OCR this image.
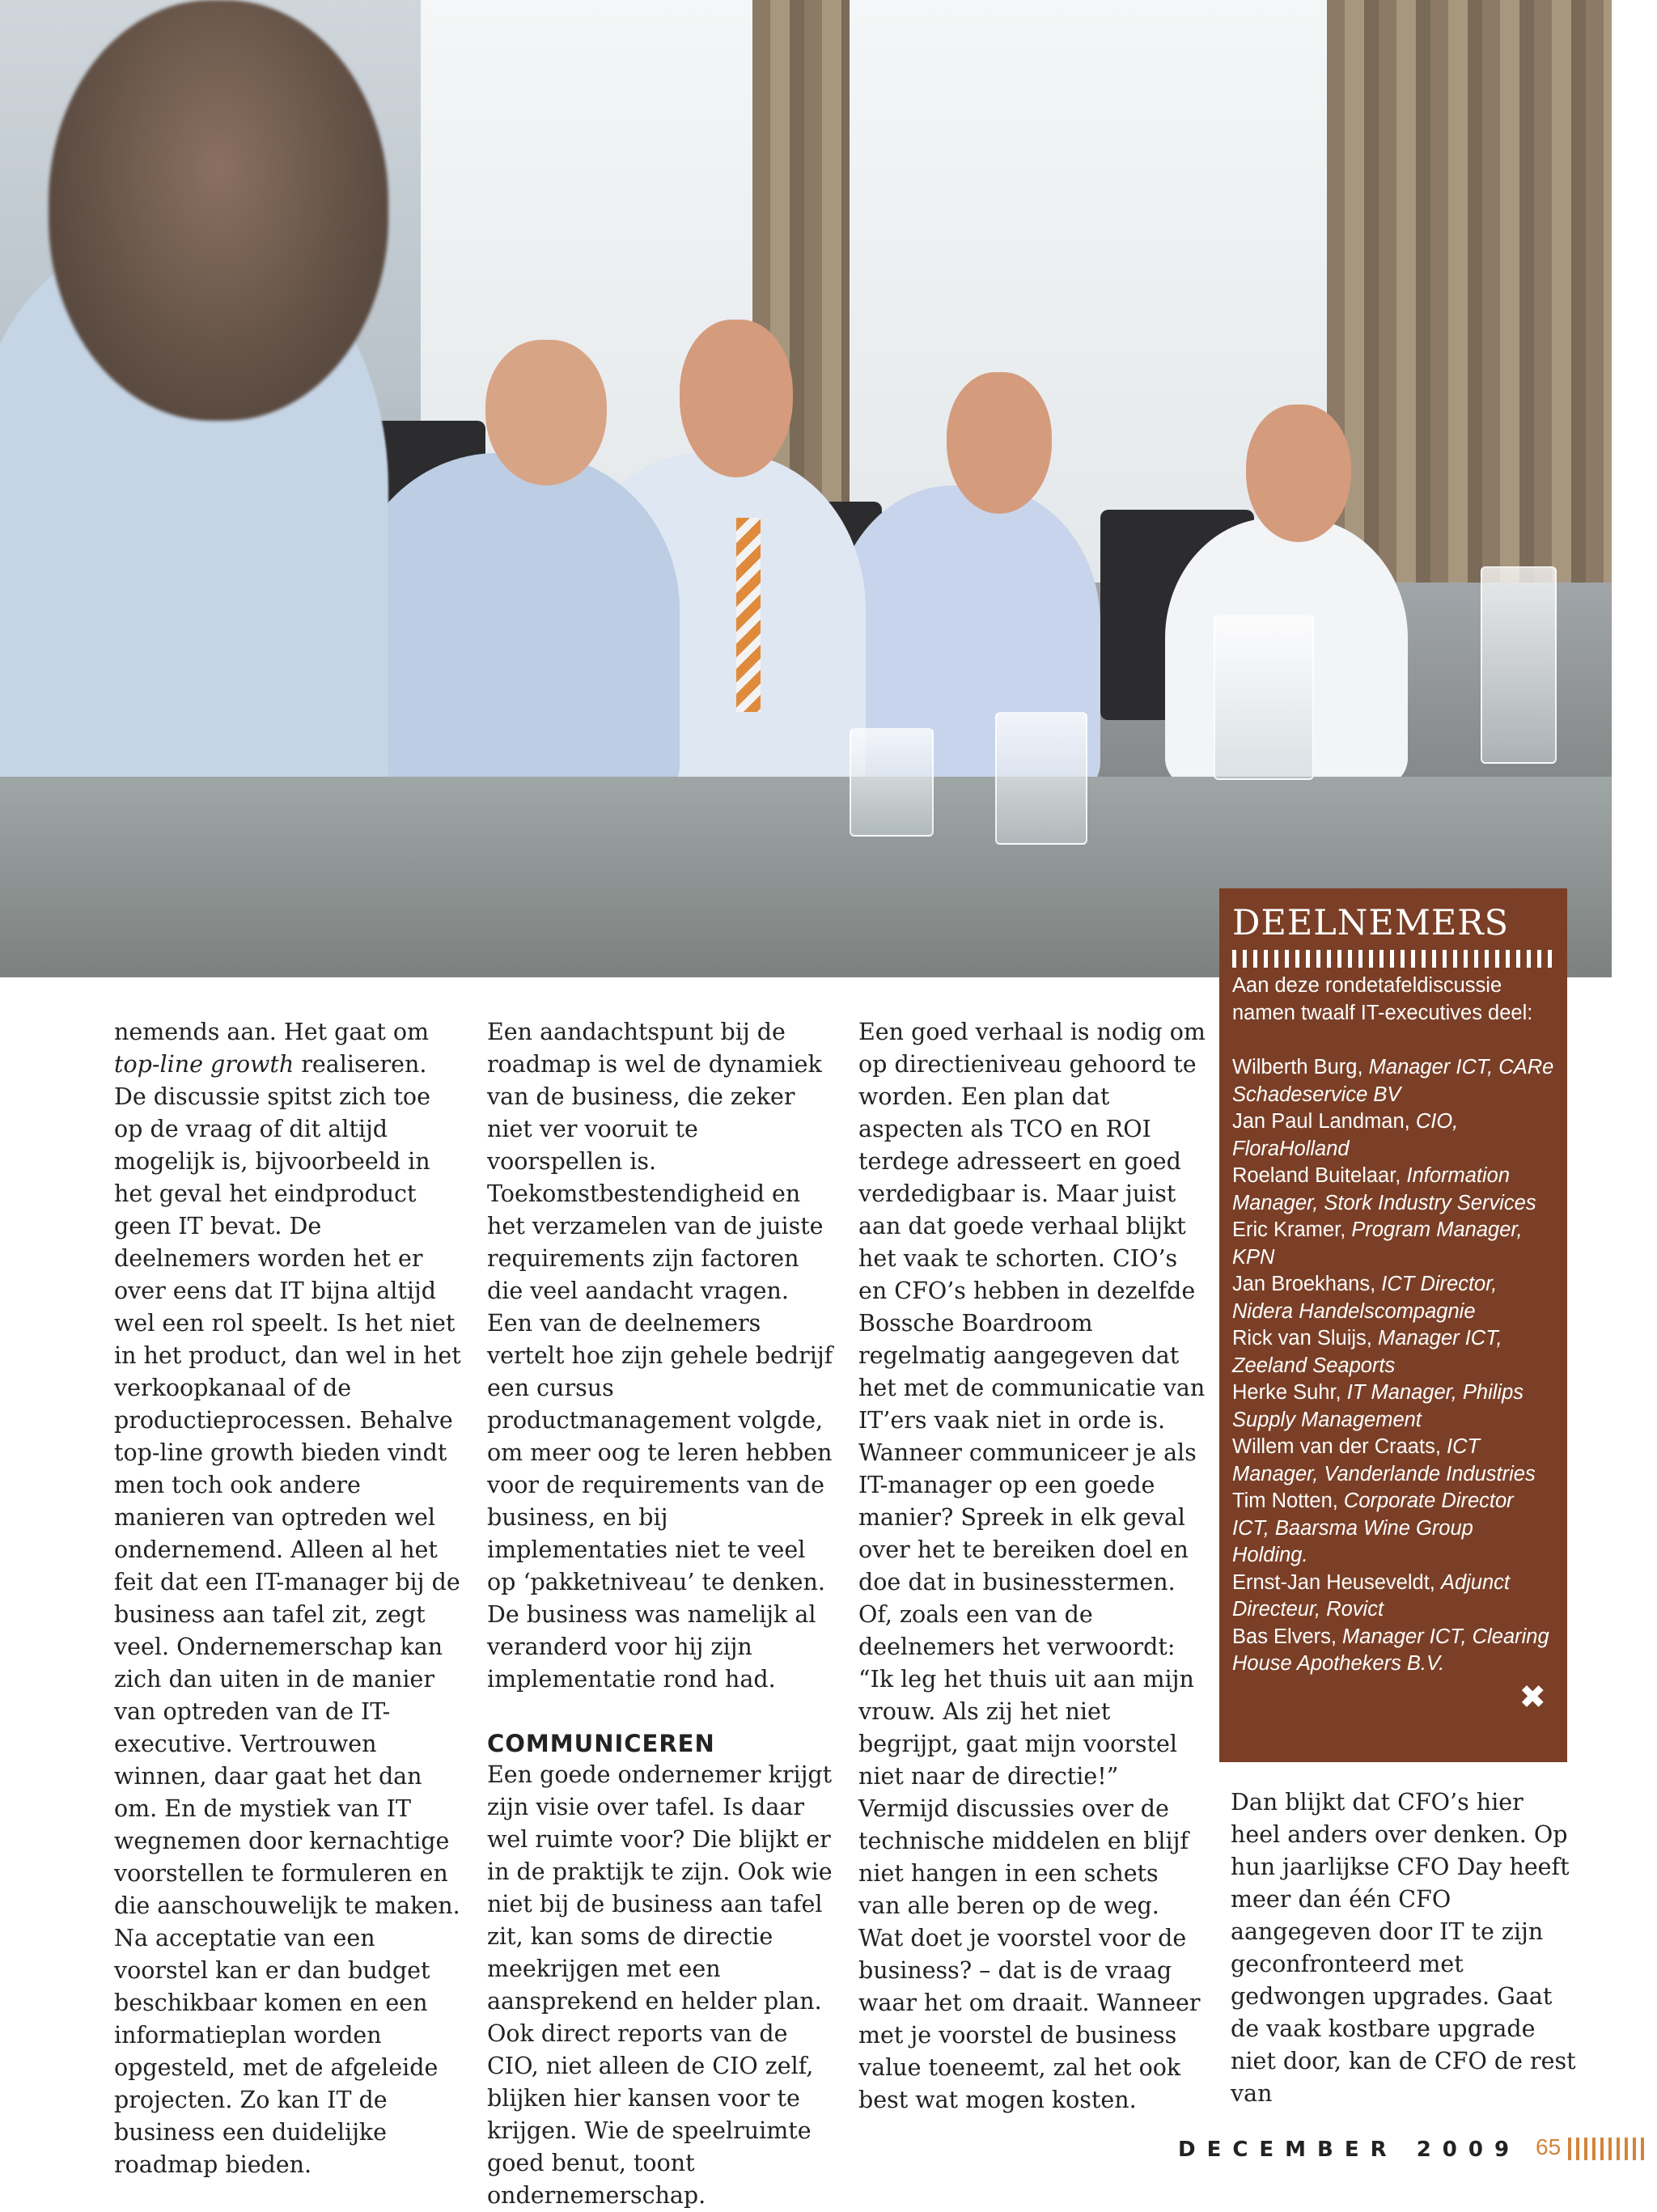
nemends aan. Het gaat om top-line growth realiseren. De discussie spitst zich toe op de vraag of dit altijd mogelijk is, bijvoorbeeld in het geval het eindproduct geen IT bevat. De deelnemers worden het er over eens dat IT bijna altijd wel een rol speelt. Is het niet in het product, dan wel in het verkoopkanaal of de productieprocessen. Behalve top-line growth bieden vindt men toch ook andere manieren van optreden wel ondernemend. Alleen al het feit dat een IT-manager bij de business aan tafel zit, zegt veel. Ondernemerschap kan zich dan uiten in de manier van optreden van de IT-executive. Vertrouwen winnen, daar gaat het dan om. En de mystiek van IT wegnemen door kernachtige voorstellen te formuleren en die aanschouwelijk te maken. Na acceptatie van een voorstel kan er dan budget beschikbaar komen en een informatieplan worden opgesteld, met de afgeleide projecten. Zo kan IT de business een duidelijke roadmap bieden.

Een aandachtspunt bij de roadmap is wel de dynamiek van de business, die zeker niet ver vooruit te voorspellen is. Toekomstbestendigheid en het verzamelen van de juiste requirements zijn factoren die veel aandacht vragen. Een van de deelnemers vertelt hoe zijn gehele bedrijf een cursus productmanagement volgde, om meer oog te leren hebben voor de requirements van de business, en bij implementaties niet te veel op ‘pakketniveau’ te denken. De business was namelijk al veranderd voor hij zijn implementatie rond had.

COMMUNICEREN

Een goede ondernemer krijgt zijn visie over tafel. Is daar wel ruimte voor? Die blijkt er in de praktijk te zijn. Ook wie niet bij de business aan tafel zit, kan soms de directie meekrijgen met een aansprekend en helder plan. Ook direct reports van de CIO, niet alleen de CIO zelf, blijken hier kansen voor te krijgen. Wie de speelruimte goed benut, toont ondernemerschap.

Een goed verhaal is nodig om op directieniveau gehoord te worden. Een plan dat aspecten als TCO en ROI terdege adresseert en goed verdedigbaar is. Maar juist aan dat goede verhaal blijkt het vaak te schorten. CIO’s en CFO’s hebben in dezelfde Bossche Boardroom regelmatig aangegeven dat het met de communicatie van IT’ers vaak niet in orde is.

Wanneer communiceer je als IT-manager op een goede manier? Spreek in elk geval over het te bereiken doel en doe dat in businesstermen. Of, zoals een van de deelnemers het verwoordt: “Ik leg het thuis uit aan mijn vrouw. Als zij het niet begrijpt, gaat mijn voorstel niet naar de directie!”

Vermijd discussies over de technische middelen en blijf niet hangen in een schets van alle beren op de weg. Wat doet je voorstel voor de business? – dat is de vraag waar het om draait. Wanneer met je voorstel de business value toeneemt, zal het ook best wat mogen kosten.

DEELNEMERS

Aan deze rondetafeldiscussie namen twaalf IT-executives deel:

Wilberth Burg, Manager ICT, CARe Schadeservice BV

Jan Paul Landman, CIO, FloraHolland

Roeland Buitelaar, Information Manager, Stork Industry Services

Eric Kramer, Program Manager, KPN

Jan Broekhans, ICT Director, Nidera Handelscompagnie

Rick van Sluijs, Manager ICT, Zeeland Seaports

Herke Suhr, IT Manager, Philips Supply Management

Willem van der Craats, ICT Manager, Vanderlande Industries

Tim Notten, Corporate Director ICT, Baarsma Wine Group Holding.

Ernst-Jan Heuseveldt, Adjunct Directeur, Rovict

Bas Elvers, Manager ICT, Clearing House Apothekers B.V.

✖

Dan blijkt dat CFO’s hier heel anders over denken. Op hun jaarlijkse CFO Day heeft meer dan één CFO aangegeven door IT te zijn geconfronteerd met gedwongen upgrades. Gaat de vaak kostbare upgrade niet door, kan de CFO de rest van

DECEMBER 2009 65
